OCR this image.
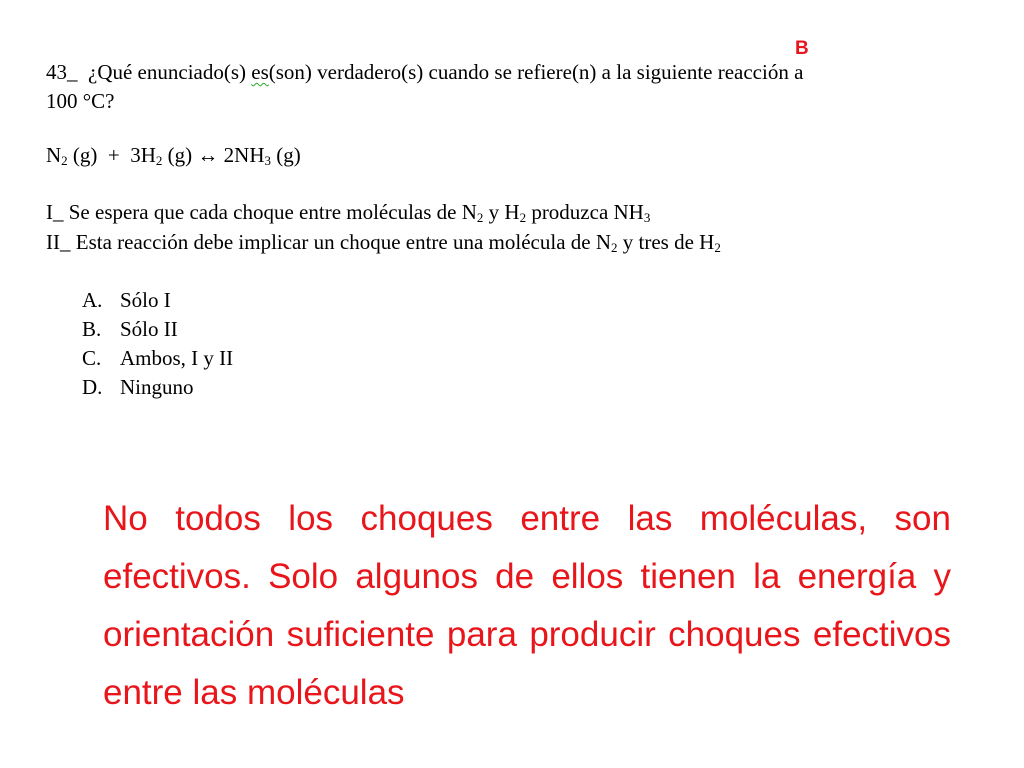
B
43_ ¿Qué enunciado(s) es(son) verdadero(s) cuando se refiere(n) a la siguiente reacción a
100 °C?
$N_2$ $(g) + 3H_2$ (g) ↔ $2NH_3$ (g)
I_ Se espera que cada choque entre moléculas de $N_2$ y $H_2$ produzca $NH_3$
II_ Esta reacción debe implicar un choque entre una molécula de $N_2$ y tres de $H_2$
A. Sólo I
B. Sólo II
C. Ambos, I y II
D. Ninguno
No todos los choques entre las moléculas, son efectivos. Solo algunos de ellos tienen la energía y orientación suficiente para producir choques efectivos entre las moléculas
